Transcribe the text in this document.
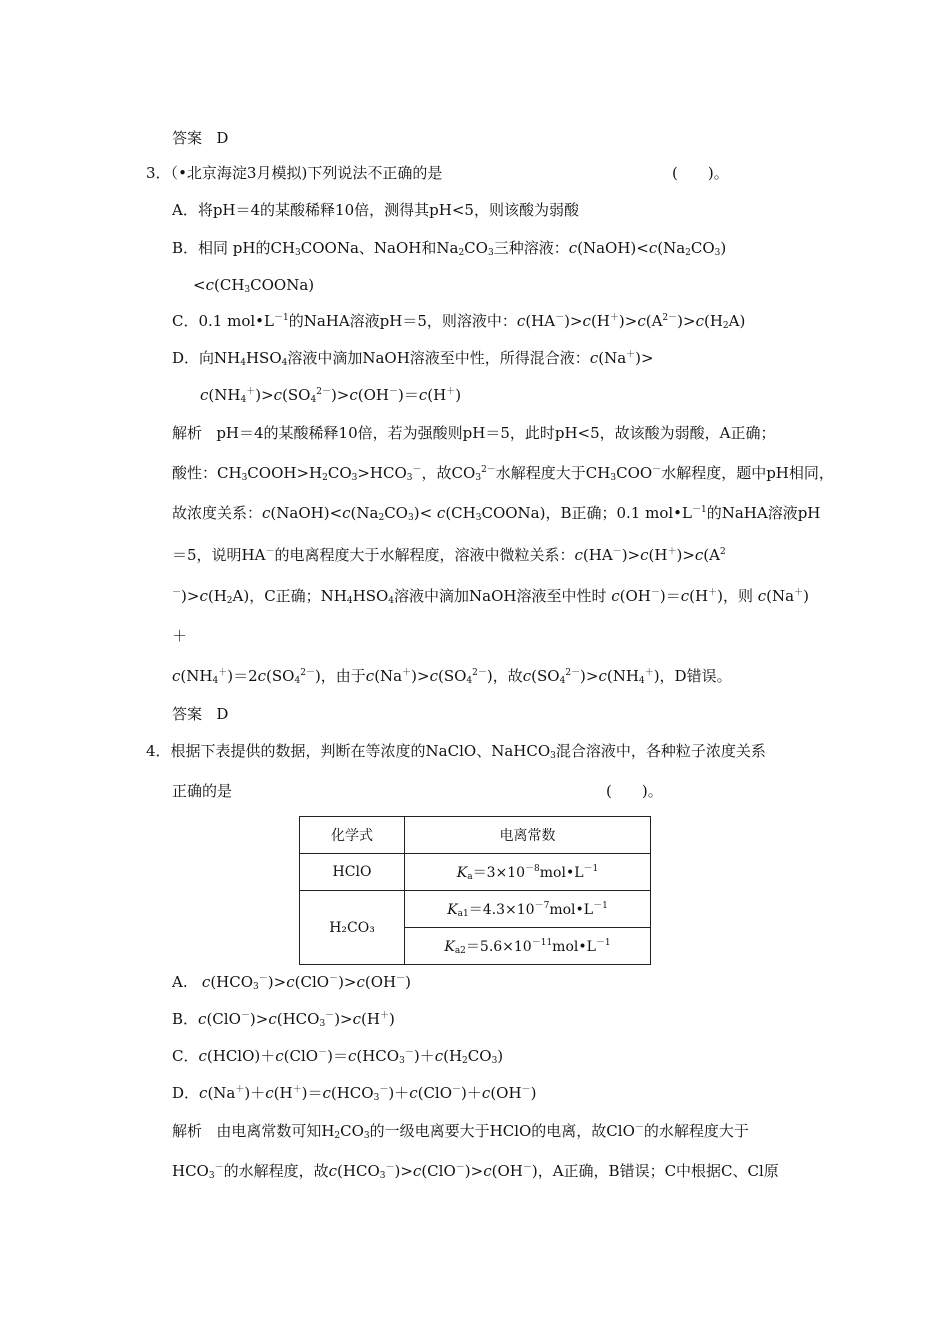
答案 D
3．（•北京海淀3月模拟)下列说法不正确的是	(　　)。
A．将pH＝4的某酸稀释10倍，测得其pH<5，则该酸为弱酸
B．相同 pH的$CH_3COONa$、NaOH和$Na_2CO_3$三种溶液：$c(NaOH)<c(Na_2CO_3)$
$<c(CH_3COONa)$
C．0.1 $mol•L^{-1}$的NaHA溶液pH＝5，则溶液中：$c(HA^-)>c(H^+)>c(A^{2-})>c(H_2A)$
D．向$NH_4HSO_4$溶液中滴加NaOH溶液至中性，所得混合液：c(Na＋)>
$c(NH_4^+)>c(SO_4^{2-})>c(OH^-)=c(H^+)$
解析 pH＝4的某酸稀释10倍，若为强酸则pH＝5，此时pH<5，故该酸为弱酸，A正确；
酸性：$CH_3COOH>H_2CO_3>HCO_3^-$，故$CO_3^{2-}$水解程度大于$CH_3COO^-$水解程度，题中pH相同，
故浓度关系：$c(NaOH)<c(Na_2CO_3)<$ $c(CH_3COONa)$，B正确；0.1 $mol•L^{-1}$的NaHA溶液pH
＝5，说明HA－的电离程度大于水解程度，溶液中微粒关系：$c(HA^-)>c(H^+)>c(A^2$
$^-)>c(H_2A)$，C正确；$NH_4HSO_4$溶液中滴加NaOH溶液至中性时 c(OH－)＝c(H＋)，则 c(Na＋)
＋
$c(NH_4^+)=2c(SO_4^{2-})$，由于$c(Na^+)>c(SO_4^{2-})$，故$c(SO_4^{2-})>c(NH_4^+)$，D错误。
答案 D
4．根据下表提供的数据，判断在等浓度的NaClO、NaHCO$_3$混合溶液中，各种粒子浓度关系
正确的是	(　　)。
化学式	电离常数
HClO	$K_a=3\times 10^{-8}mol•L^{-1}$
H₂CO₃	$K_{a1}=4.3\times 10^{-7}mol•L^{-1}$
	$K_{a2}=5.6\times 10^{-11}mol•L^{-1}$
A.   $c(HCO_3^-)>c(ClO^-)>c(OH^-)$
B．$c(ClO^-)>c(HCO_3^-)>c(H^+)$
C．$c(HClO)+c(ClO^-)=c(HCO_3^-)+c(H_2CO_3)$
D．$c(Na^+)+c(H^+)=c(HCO_3^-)+c(ClO^-)+c(OH^-)$
解析   由电离常数可知$H_2CO_3$的一级电离要大于HClO的电离，故ClO－的水解程度大于
$HCO_3^-$的水解程度，故$c(HCO_3^-)>c(ClO^-)>c(OH^-)$，A正确，B错误；C中根据C、Cl原
